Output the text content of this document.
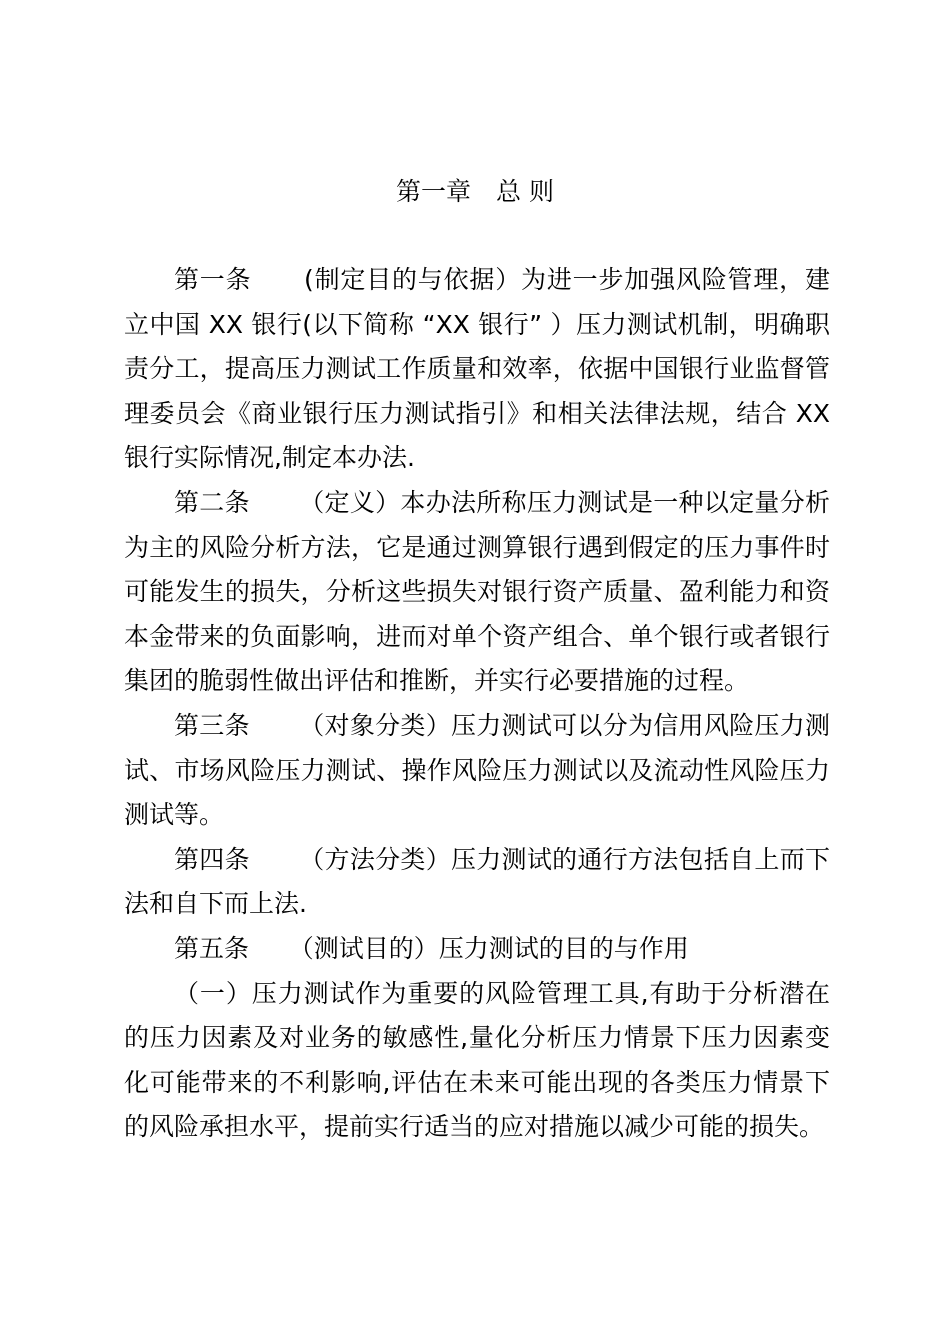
第一章　总 则

第一条 (制定目的与依据）为进一步加强风险管理，建立中国 XX 银行(以下简称 “XX 银行” ）压力测试机制，明确职责分工，提高压力测试工作质量和效率，依据中国银行业监督管理委员会《商业银行压力测试指引》和相关法律法规，结合 XX 银行实际情况,制定本办法.

第二条 （定义）本办法所称压力测试是一种以定量分析为主的风险分析方法，它是通过测算银行遇到假定的压力事件时可能发生的损失，分析这些损失对银行资产质量、盈利能力和资本金带来的负面影响，进而对单个资产组合、单个银行或者银行集团的脆弱性做出评估和推断，并实行必要措施的过程。

第三条 （对象分类）压力测试可以分为信用风险压力测试、市场风险压力测试、操作风险压力测试以及流动性风险压力测试等。

第四条 （方法分类）压力测试的通行方法包括自上而下法和自下而上法.

第五条 （测试目的）压力测试的目的与作用

（一）压力测试作为重要的风险管理工具,有助于分析潜在的压力因素及对业务的敏感性,量化分析压力情景下压力因素变化可能带来的不利影响,评估在未来可能出现的各类压力情景下的风险承担水平，提前实行适当的应对措施以减少可能的损失。
